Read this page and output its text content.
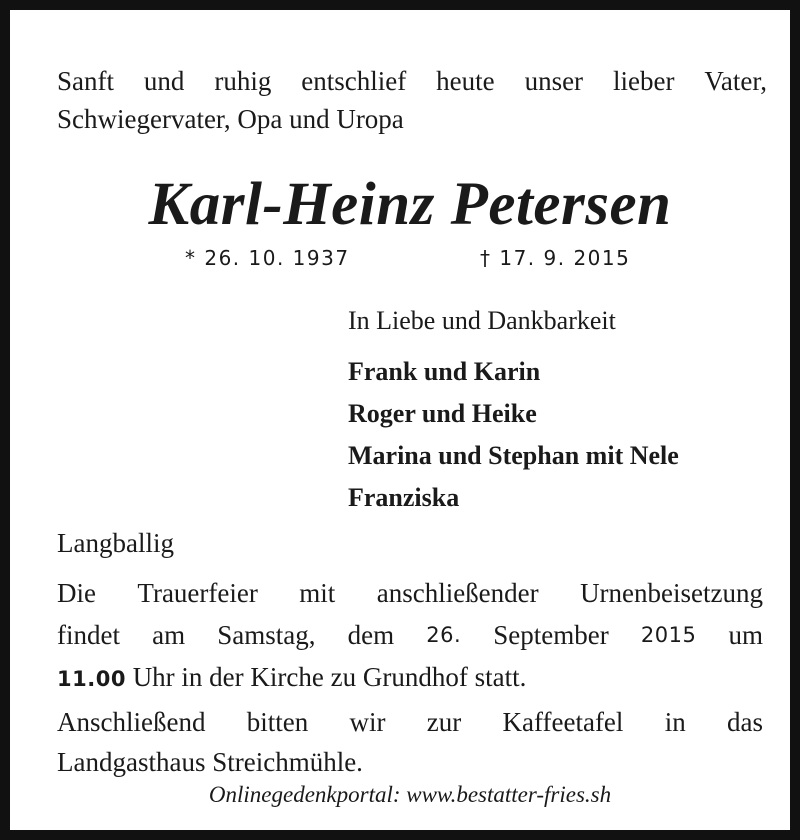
Sanft und ruhig entschlief heute unser lieber Vater,
Schwiegervater, Opa und Uropa
Karl-Heinz Petersen
* 26. 10. 1937	† 17. 9. 2015
In Liebe und Dankbarkeit
Frank und Karin
Roger und Heike
Marina und Stephan mit Nele
Franziska
Langballig
Die Trauerfeier mit anschließender Urnenbeisetzung
findet am Samstag, dem 26. September 2015 um
11.00 Uhr in der Kirche zu Grundhof statt.
Anschließend bitten wir zur Kaffeetafel in das
Landgasthaus Streichmühle.
Onlinegedenkportal: www.bestatter-fries.sh
